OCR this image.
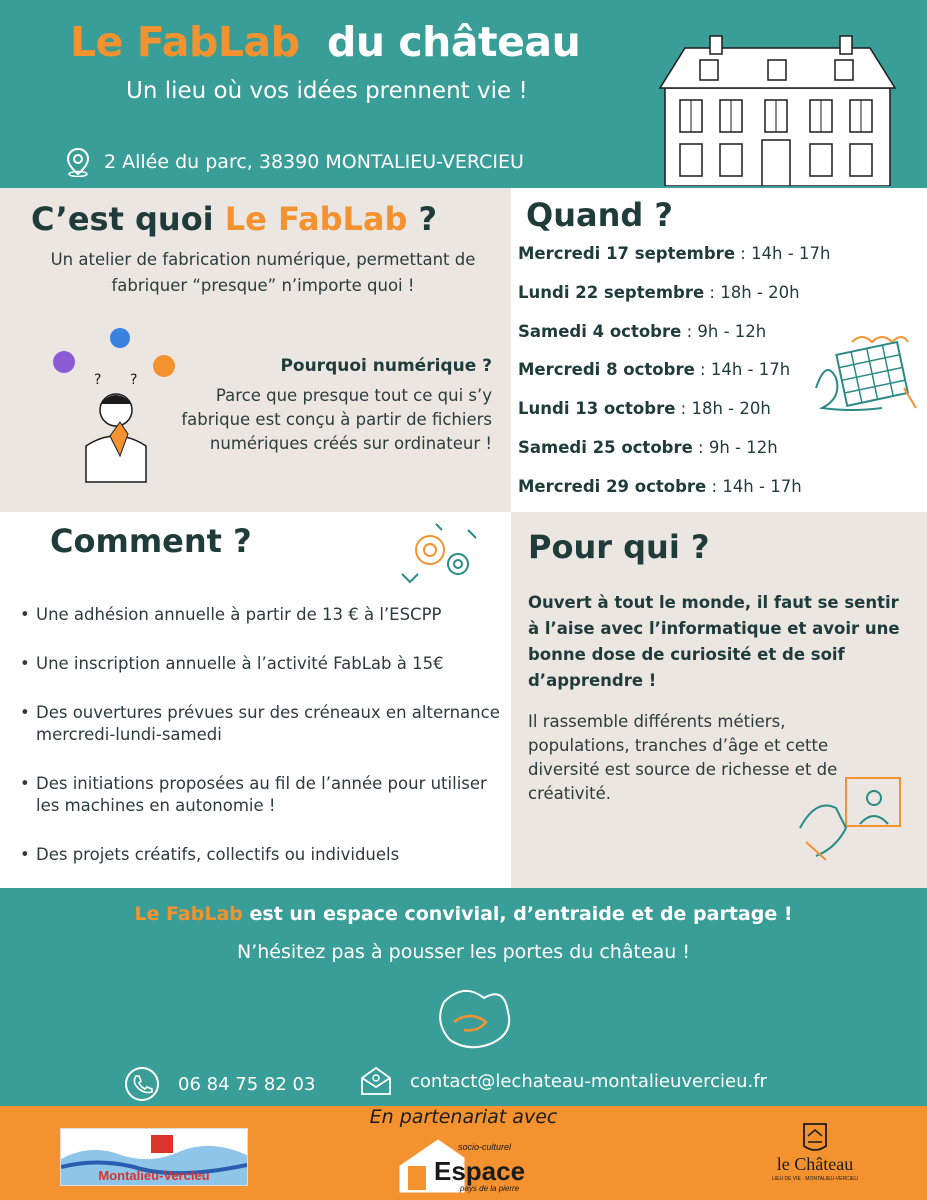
Le FabLab du château
Un lieu où vos idées prennent vie !
2 Allée du parc, 38390 MONTALIEU-VERCIEU
C’est quoi Le FabLab ?
Un atelier de fabrication numérique, permettant de fabriquer “presque” n’importe quoi !
? ?
Pourquoi numérique ?
Parce que presque tout ce qui s’y fabrique est conçu à partir de fichiers numériques créés sur ordinateur !
Quand ?
Mercredi 17 septembre : 14h - 17h
Lundi 22 septembre : 18h - 20h
Samedi 4 octobre : 9h - 12h
Mercredi 8 octobre : 14h - 17h
Lundi 13 octobre : 18h - 20h
Samedi 25 octobre : 9h - 12h
Mercredi 29 octobre : 14h - 17h
Comment ?
• Une adhésion annuelle à partir de 13 € à l’ESCPP
• Une inscription annuelle à l’activité FabLab à 15€
• Des ouvertures prévues sur des créneaux en alternance mercredi-lundi-samedi
• Des initiations proposées au fil de l’année pour utiliser les machines en autonomie !
• Des projets créatifs, collectifs ou individuels
Pour qui ?
Ouvert à tout le monde, il faut se sentir à l’aise avec l’informatique et avoir une bonne dose de curiosité et de soif d’apprendre !
Il rassemble différents métiers, populations, tranches d’âge et cette diversité est source de richesse et de créativité.
Le FabLab est un espace convivial, d’entraide et de partage !
N’hésitez pas à pousser les portes du château !
06 84 75 82 03	contact@lechateau-montalieuvercieu.fr
En partenariat avec
Montalieu-Vercieu
socio-culturel
Espace
pays de la pierre
le Château
LIEU DE VIE · MONTALIEU-VERCIEU
